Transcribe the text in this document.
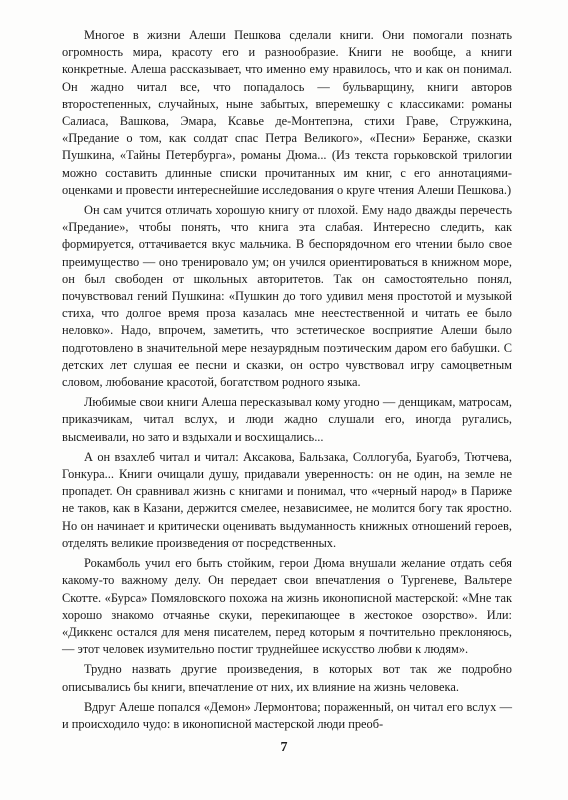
Многое в жизни Алеши Пешкова сделали книги. Они помогали познать огромность мира, красоту его и разнообразие. Книги не вообще, а книги конкретные. Алеша рассказывает, что именно ему нравилось, что и как он понимал. Он жадно читал все, что попадалось — бульварщину, книги авторов второстепенных, случайных, ныне забытых, вперемешку с классиками: романы Салиаса, Вашкова, Эмара, Ксавье де-Монтепэна, стихи Граве, Стружкина, «Предание о том, как солдат спас Петра Великого», «Песни» Беранже, сказки Пушкина, «Тайны Петербурга», романы Дюма... (Из текста горьковской трилогии можно составить длинные списки прочитанных им книг, с его аннотациями-оценками и провести интереснейшие исследования о круге чтения Алеши Пешкова.)

Он сам учится отличать хорошую книгу от плохой. Ему надо дважды перечесть «Предание», чтобы понять, что книга эта слабая. Интересно следить, как формируется, оттачивается вкус мальчика. В беспорядочном его чтении было свое преимущество — оно тренировало ум; он учился ориентироваться в книжном море, он был свободен от школьных авторитетов. Так он самостоятельно понял, почувствовал гений Пушкина: «Пушкин до того удивил меня простотой и музыкой стиха, что долгое время проза казалась мне неестественной и читать ее было неловко». Надо, впрочем, заметить, что эстетическое восприятие Алеши было подготовлено в значительной мере незаурядным поэтическим даром его бабушки. С детских лет слушая ее песни и сказки, он остро чувствовал игру самоцветным словом, любование красотой, богатством родного языка.

Любимые свои книги Алеша пересказывал кому угодно — денщикам, матросам, приказчикам, читал вслух, и люди жадно слушали его, иногда ругались, высмеивали, но зато и вздыхали и восхищались...

А он взахлеб читал и читал: Аксакова, Бальзака, Соллогуба, Буагобэ, Тютчева, Гонкура... Книги очищали душу, придавали уверенность: он не один, на земле не пропадет. Он сравнивал жизнь с книгами и понимал, что «черный народ» в Париже не таков, как в Казани, держится смелее, независимее, не молится богу так яростно. Но он начинает и критически оценивать выдуманность книжных отношений героев, отделять великие произведения от посредственных.

Рокамболь учил его быть стойким, герои Дюма внушали желание отдать себя какому-то важному делу. Он передает свои впечатления о Тургеневе, Вальтере Скотте. «Бурса» Помяловского похожа на жизнь иконописной мастерской: «Мне так хорошо знакомо отчаянье скуки, перекипающее в жестокое озорство». Или: «Диккенс остался для меня писателем, перед которым я почтительно преклоняюсь,— этот человек изумительно постиг труднейшее искусство любви к людям».

Трудно назвать другие произведения, в которых вот так же подробно описывались бы книги, впечатление от них, их влияние на жизнь человека.

Вдруг Алеше попался «Демон» Лермонтова; пораженный, он читал его вслух — и происходило чудо: в иконописной мастерской люди преоб-

7
